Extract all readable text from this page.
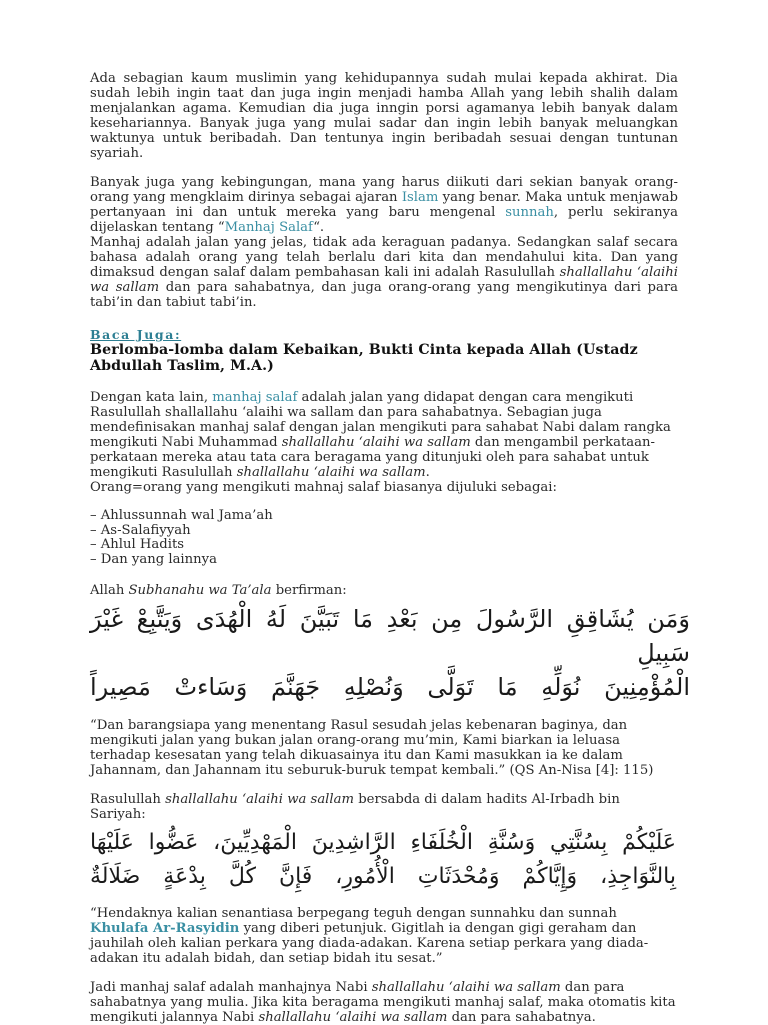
Ada sebagian kaum muslimin yang kehidupannya sudah mulai kepada akhirat. Dia sudah lebih ingin taat dan juga ingin menjadi hamba Allah yang lebih shalih dalam menjalankan agama. Kemudian dia juga inngin porsi agamanya lebih banyak dalam kesehariannya. Banyak juga yang mulai sadar dan ingin lebih banyak meluangkan waktunya untuk beribadah. Dan tentunya ingin beribadah sesuai dengan tuntunan syariah.

Banyak juga yang kebingungan, mana yang harus diikuti dari sekian banyak orang-orang yang mengklaim dirinya sebagai ajaran Islam yang benar. Maka untuk menjawab pertanyaan ini dan untuk mereka yang baru mengenal sunnah, perlu sekiranya dijelaskan tentang “Manhaj Salaf“.

Manhaj adalah jalan yang jelas, tidak ada keraguan padanya. Sedangkan salaf secara bahasa adalah orang yang telah berlalu dari kita dan mendahului kita. Dan yang dimaksud dengan salaf dalam pembahasan kali ini adalah Rasulullah shallallahu ‘alaihi wa sallam dan para sahabatnya, dan juga orang-orang yang mengikutinya dari para tabi’in dan tabiut tabi’in.

Baca Juga:
Berlomba-lomba dalam Kebaikan, Bukti Cinta kepada Allah (Ustadz Abdullah Taslim, M.A.)

Dengan kata lain, manhaj salaf adalah jalan yang didapat dengan cara mengikuti Rasulullah shallallahu ‘alaihi wa sallam dan para sahabatnya. Sebagian juga mendefinisakan manhaj salaf dengan jalan mengikuti para sahabat Nabi dalam rangka mengikuti Nabi Muhammad shallallahu ‘alaihi wa sallam dan mengambil perkataan-perkataan mereka atau tata cara beragama yang ditunjuki oleh para sahabat untuk mengikuti Rasulullah shallallahu ‘alaihi wa sallam.

Orang=orang yang mengikuti mahnaj salaf biasanya dijuluki sebagai:

– Ahlussunnah wal Jama’ah

– As-Salafiyyah

– Ahlul Hadits

– Dan yang lainnya

Allah Subhanahu wa Ta’ala berfirman:

وَمَن يُشَاقِقِ الرَّسُولَ مِن بَعْدِ مَا تَبَيَّنَ لَهُ الْهُدَى وَيَتَّبِعْ غَيْرَ سَبِيلِ
الْمُؤْمِنِينَ نُوَلِّهِ مَا تَوَلَّى وَنُصْلِهِ جَهَنَّمَ وَسَاءتْ مَصِيراً

“Dan barangsiapa yang menentang Rasul sesudah jelas kebenaran baginya, dan mengikuti jalan yang bukan jalan orang-orang mu’min, Kami biarkan ia leluasa terhadap kesesatan yang telah dikuasainya itu dan Kami masukkan ia ke dalam Jahannam, dan Jahannam itu seburuk-buruk tempat kembali.” (QS An-Nisa [4]: 115)

Rasulullah shallallahu ‘alaihi wa sallam bersabda di dalam hadits Al-Irbadh bin Sariyah:

عَلَيْكُمْ بِسُنَّتِي وَسُنَّةِ الْخُلَفَاءِ الرَّاشِدِينَ الْمَهْدِيِّينَ، عَضُّوا عَلَيْهَا
بِالنَّوَاجِذِ، وَإِيَّاكُمْ وَمُحْدَثَاتِ الْأُمُورِ، فَإِنَّ كُلَّ بِدْعَةٍ ضَلَالَةٌ

“Hendaknya kalian senantiasa berpegang teguh dengan sunnahku dan sunnah Khulafa Ar-Rasyidin yang diberi petunjuk. Gigitlah ia dengan gigi geraham dan jauhilah oleh kalian perkara yang diada-adakan. Karena setiap perkara yang diada-adakan itu adalah bidah, dan setiap bidah itu sesat.”

Jadi manhaj salaf adalah manhajnya Nabi shallallahu ‘alaihi wa sallam dan para sahabatnya yang mulia. Jika kita beragama mengikuti manhaj salaf, maka otomatis kita mengikuti jalannya Nabi shallallahu ‘alaihi wa sallam dan para sahabatnya.
